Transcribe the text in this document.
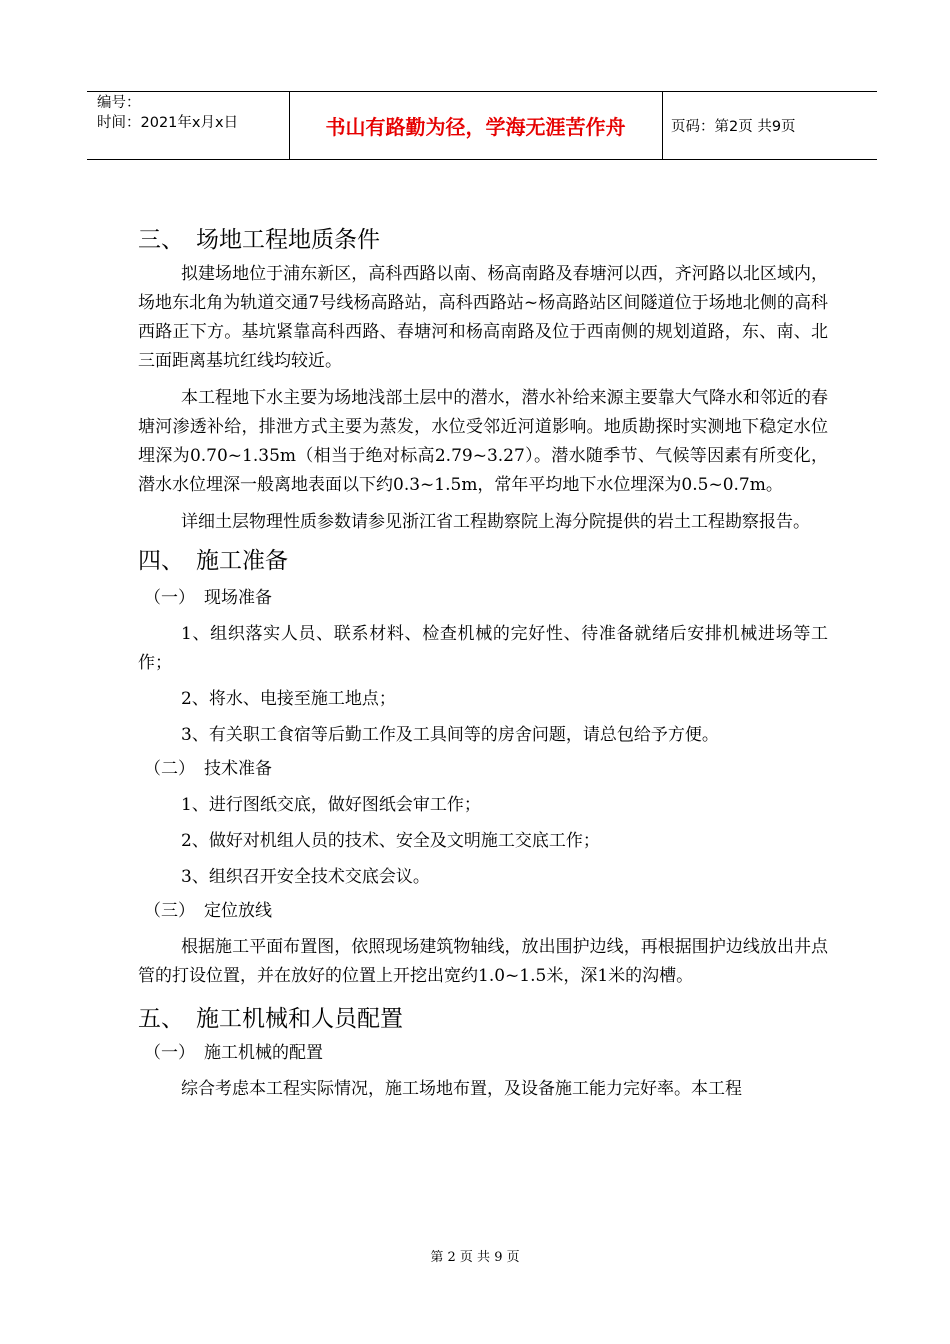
编号：
时间：2021年x月x日	书山有路勤为径，学海无涯苦作舟	页码：第2页 共9页
三、 场地工程地质条件

拟建场地位于浦东新区，高科西路以南、杨高南路及春塘河以西，齐河路以北区域内，场地东北角为轨道交通7号线杨高路站，高科西路站~杨高路站区间隧道位于场地北侧的高科西路正下方。基坑紧靠高科西路、春塘河和杨高南路及位于西南侧的规划道路，东、南、北三面距离基坑红线均较近。

本工程地下水主要为场地浅部土层中的潜水，潜水补给来源主要靠大气降水和邻近的春塘河渗透补给，排泄方式主要为蒸发，水位受邻近河道影响。地质勘探时实测地下稳定水位埋深为0.70~1.35m（相当于绝对标高2.79~3.27）。潜水随季节、气候等因素有所变化，潜水水位埋深一般离地表面以下约0.3~1.5m，常年平均地下水位埋深为0.5~0.7m。

详细土层物理性质参数请参见浙江省工程勘察院上海分院提供的岩土工程勘察报告。

四、 施工准备
（一） 现场准备

1、组织落实人员、联系材料、检查机械的完好性、待准备就绪后安排机械进场等工作；

2、将水、电接至施工地点；

3、有关职工食宿等后勤工作及工具间等的房舍问题，请总包给予方便。

（二） 技术准备

1、进行图纸交底，做好图纸会审工作；

2、做好对机组人员的技术、安全及文明施工交底工作；

3、组织召开安全技术交底会议。

（三） 定位放线

根据施工平面布置图，依照现场建筑物轴线，放出围护边线，再根据围护边线放出井点管的打设位置，并在放好的位置上开挖出宽约1.0~1.5米，深1米的沟槽。

五、 施工机械和人员配置
（一） 施工机械的配置

综合考虑本工程实际情况，施工场地布置，及设备施工能力完好率。本工程

第 2 页 共 9 页
